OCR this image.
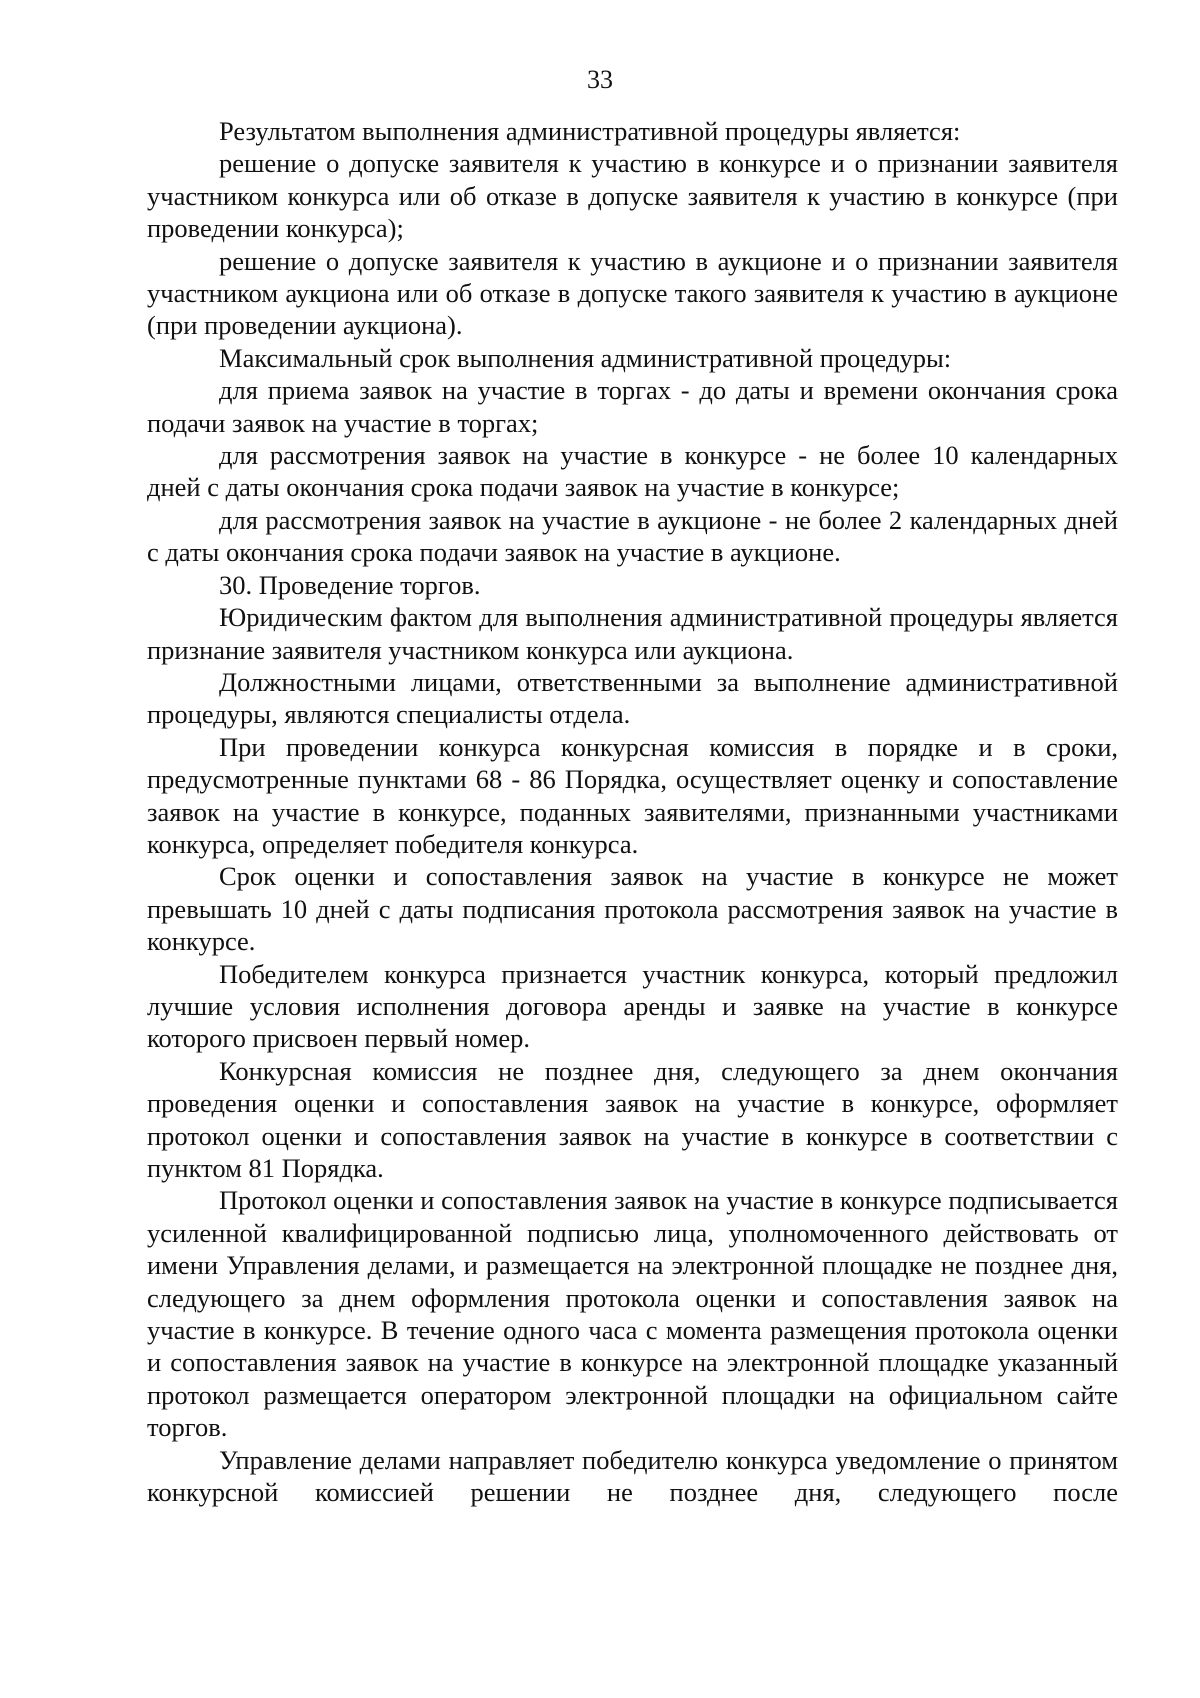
33

Результатом выполнения административной процедуры является:

решение о допуске заявителя к участию в конкурсе и о признании заявителя участником конкурса или об отказе в допуске заявителя к участию в конкурсе (при проведении конкурса);

решение о допуске заявителя к участию в аукционе и о признании заявителя участником аукциона или об отказе в допуске такого заявителя к участию в аукционе (при проведении аукциона).

Максимальный срок выполнения административной процедуры:

для приема заявок на участие в торгах - до даты и времени окончания срока подачи заявок на участие в торгах;

для рассмотрения заявок на участие в конкурсе - не более 10 календарных дней с даты окончания срока подачи заявок на участие в конкурсе;

для рассмотрения заявок на участие в аукционе - не более 2 календарных дней с даты окончания срока подачи заявок на участие в аукционе.

30. Проведение торгов.

Юридическим фактом для выполнения административной процедуры является признание заявителя участником конкурса или аукциона.

Должностными лицами, ответственными за выполнение административной процедуры, являются специалисты отдела.

При проведении конкурса конкурсная комиссия в порядке и в сроки, предусмотренные пунктами 68 - 86 Порядка, осуществляет оценку и сопоставление заявок на участие в конкурсе, поданных заявителями, признанными участниками конкурса, определяет победителя конкурса.

Срок оценки и сопоставления заявок на участие в конкурсе не может превышать 10 дней с даты подписания протокола рассмотрения заявок на участие в конкурсе.

Победителем конкурса признается участник конкурса, который предложил лучшие условия исполнения договора аренды и заявке на участие в конкурсе которого присвоен первый номер.

Конкурсная комиссия не позднее дня, следующего за днем окончания проведения оценки и сопоставления заявок на участие в конкурсе, оформляет протокол оценки и сопоставления заявок на участие в конкурсе в соответствии с пунктом 81 Порядка.

Протокол оценки и сопоставления заявок на участие в конкурсе подписывается усиленной квалифицированной подписью лица, уполномоченного действовать от имени Управления делами, и размещается на электронной площадке не позднее дня, следующего за днем оформления протокола оценки и сопоставления заявок на участие в конкурсе. В течение одного часа с момента размещения протокола оценки и сопоставления заявок на участие в конкурсе на электронной площадке указанный протокол размещается оператором электронной площадки на официальном сайте торгов.

Управление делами направляет победителю конкурса уведомление о принятом конкурсной комиссией решении не позднее дня, следующего после
